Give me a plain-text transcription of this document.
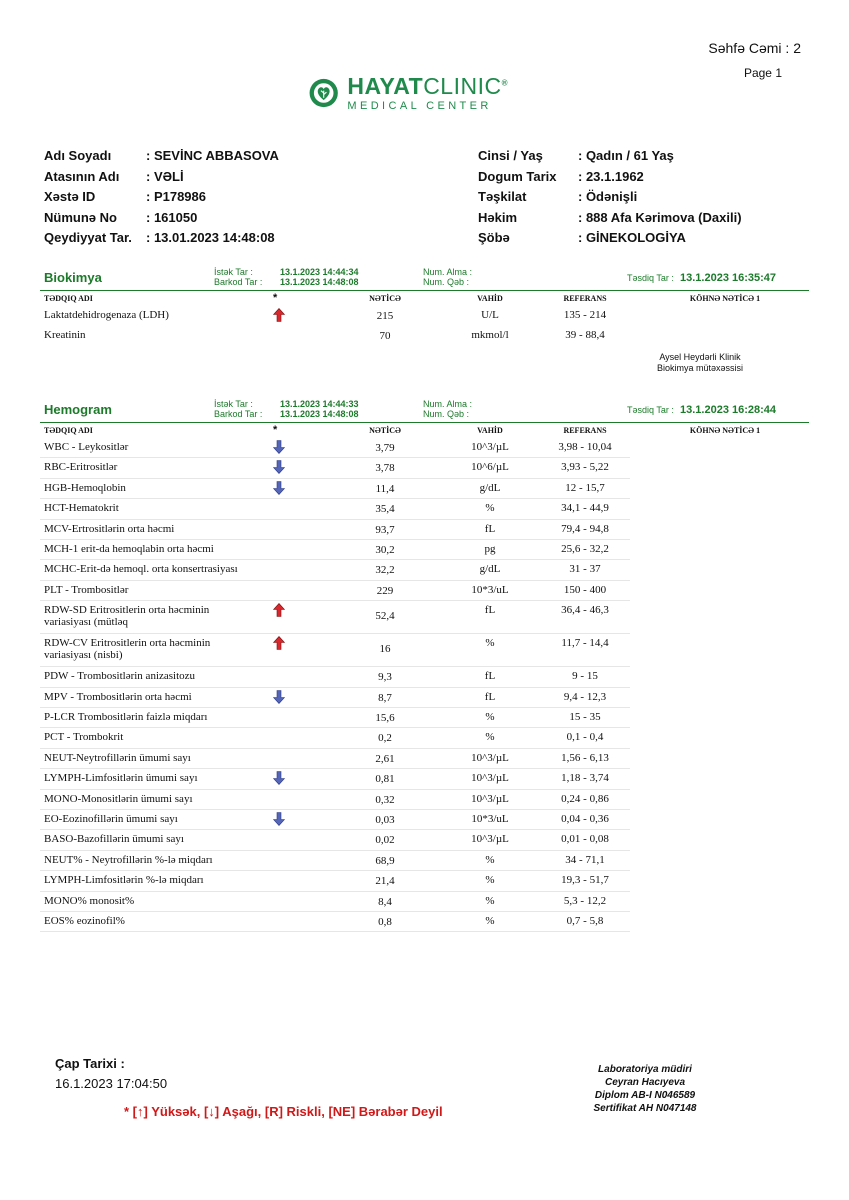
Səhfə Cəmi : 2
Page 1
HAYATCLINIC®
MEDICAL CENTER
Adı Soyadı	: SEVİNC ABBASOVA
Atasının Adı : VƏLİ
Xəstə ID	: P178986
Nümunə No : 161050
Qeydiyyat Tar. : 13.01.2023 14:48:08
Cinsi / Yaş	: Qadın / 61 Yaş
Dogum Tarix : 23.1.1962
Təşkilat	: Ödənişli
Həkim	: 888 Afa Kərimova (Daxili)
Şöbə	: GİNEKOLOGİYA
Biokimya	İstək Tar :	13.1.2023 14:44:34
Barkod Tar : 13.1.2023 14:48:08
Num. Alma :
Num. Qəb :	Təsdiq Tar : 13.1.2023 16:35:47
TƏDQIQ ADI	*	NƏTİCƏ	VAHİD	REFERANS	KÖHNƏ NƏTİCƏ 1
Laktatdehidrogenaza (LDH)	215	U/L	135 - 214
Kreatinin	70	mkmol/l	39 - 88,4
Aysel Heydərli Klinik
Biokimya mütəxəssisi
Hemogram	İstək Tar :	13.1.2023 14:44:33
Barkod Tar : 13.1.2023 14:48:08
Num. Alma :
Num. Qəb :	Təsdiq Tar : 13.1.2023 16:28:44
TƏDQIQ ADI	*	NƏTİCƏ	VAHİD	REFERANS	KÖHNƏ NƏTİCƏ 1
WBC - Leykositlər	3,79	10^3/µL	3,98 - 10,04
RBC-Eritrositlər	3,78	10^6/µL	3,93 - 5,22
HGB-Hemoqlobin	11,4	g/dL	12 - 15,7
HCT-Hematokrit	35,4	%	34,1 - 44,9
MCV-Ertrositlərin orta həcmi	93,7	fL	79,4 - 94,8
MCH-1 erit-da hemoqlabin orta həcmi	30,2	pg	25,6 - 32,2
MCHC-Erit-də hemoql. orta konsertrasiyası	32,2	g/dL	31 - 37
PLT - Trombositlər	229	10*3/uL	150 - 400
RDW-SD Eritrositlerin orta həcminin
variasiyası (mütləq	52,4	fL	36,4 - 46,3
RDW-CV Eritrositlerin orta həcminin
variasiyası (nisbi)	16	%	11,7 - 14,4
PDW - Trombositlərin anizasitozu	9,3	fL	9 - 15
MPV - Trombositlərin orta həcmi	8,7	fL	9,4 - 12,3
P-LCR Trombositlərin faizlə miqdarı	15,6	%	15 - 35
PCT - Trombokrit	0,2	%	0,1 - 0,4
NEUT-Neytrofillərin ümumi sayı	2,61	10^3/µL	1,56 - 6,13
LYMPH-Limfositlərin ümumi sayı	0,81	10^3/µL	1,18 - 3,74
MONO-Monositlərin ümumi sayı	0,32	10^3/µL	0,24 - 0,86
EO-Eozinofillərin ümumi sayı	0,03	10*3/uL	0,04 - 0,36
BASO-Bazofillərin ümumi sayı	0,02	10^3/µL	0,01 - 0,08
NEUT% - Neytrofillərin %-lə miqdarı	68,9	%	34 - 71,1
LYMPH-Limfositlərin %-lə miqdarı	21,4	%	19,3 - 51,7
MONO% monosit%	8,4	%	5,3 - 12,2
EOS% eozinofil%	0,8	%	0,7 - 5,8
Çap Tarixi :
16.1.2023 17:04:50
* [↑] Yüksək, [↓] Aşağı, [R] Riskli, [NE] Bərabər Deyil
Laboratoriya müdiri
Ceyran Hacıyeva
Diplom AB-I N046589
Sertifikat AH N047148
